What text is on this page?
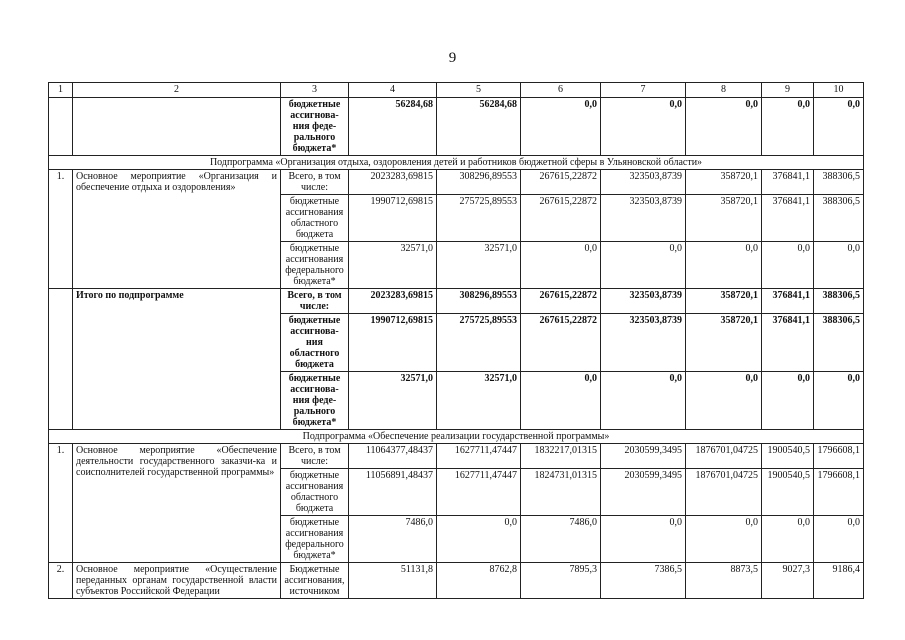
9
1	2	3	4	5	6	7	8	9	10
		бюджетные ассигнова-ния феде-рального бюджета*	56284,68	56284,68	0,0	0,0	0,0	0,0	0,0
Подпрограмма «Организация отдыха, оздоровления детей и работников бюджетной сферы в Ульяновской области»									
1.	Основное мероприятие «Организация и обеспечение отдыха и оздоровления»	Всего, в том числе:	2023283,69815	308296,89553	267615,22872	323503,8739	358720,1	376841,1	388306,5
		бюджетные ассигнования областного бюджета	1990712,69815	275725,89553	267615,22872	323503,8739	358720,1	376841,1	388306,5
		бюджетные ассигнования федерального бюджета*	32571,0	32571,0	0,0	0,0	0,0	0,0	0,0
	Итого по подпрограмме	Всего, в том числе:	2023283,69815	308296,89553	267615,22872	323503,8739	358720,1	376841,1	388306,5
		бюджетные ассигнова-ния областного бюджета	1990712,69815	275725,89553	267615,22872	323503,8739	358720,1	376841,1	388306,5
		бюджетные ассигнова-ния феде-рального бюджета*	32571,0	32571,0	0,0	0,0	0,0	0,0	0,0
Подпрограмма «Обеспечение реализации государственной программы»									
1.	Основное мероприятие «Обеспечение деятельности государственного заказчи-ка и соисполнителей государственной программы»	Всего, в том числе:	11064377,48437	1627711,47447	1832217,01315	2030599,3495	1876701,04725	1900540,5	1796608,1
		бюджетные ассигнования областного бюджета	11056891,48437	1627711,47447	1824731,01315	2030599,3495	1876701,04725	1900540,5	1796608,1
		бюджетные ассигнования федерального бюджета*	7486,0	0,0	7486,0	0,0	0,0	0,0	0,0
2.	Основное мероприятие «Осуществление переданных органам государственной власти субъектов Российской Федерации	Бюджетные ассигнования, источником	51131,8	8762,8	7895,3	7386,5	8873,5	9027,3	9186,4
